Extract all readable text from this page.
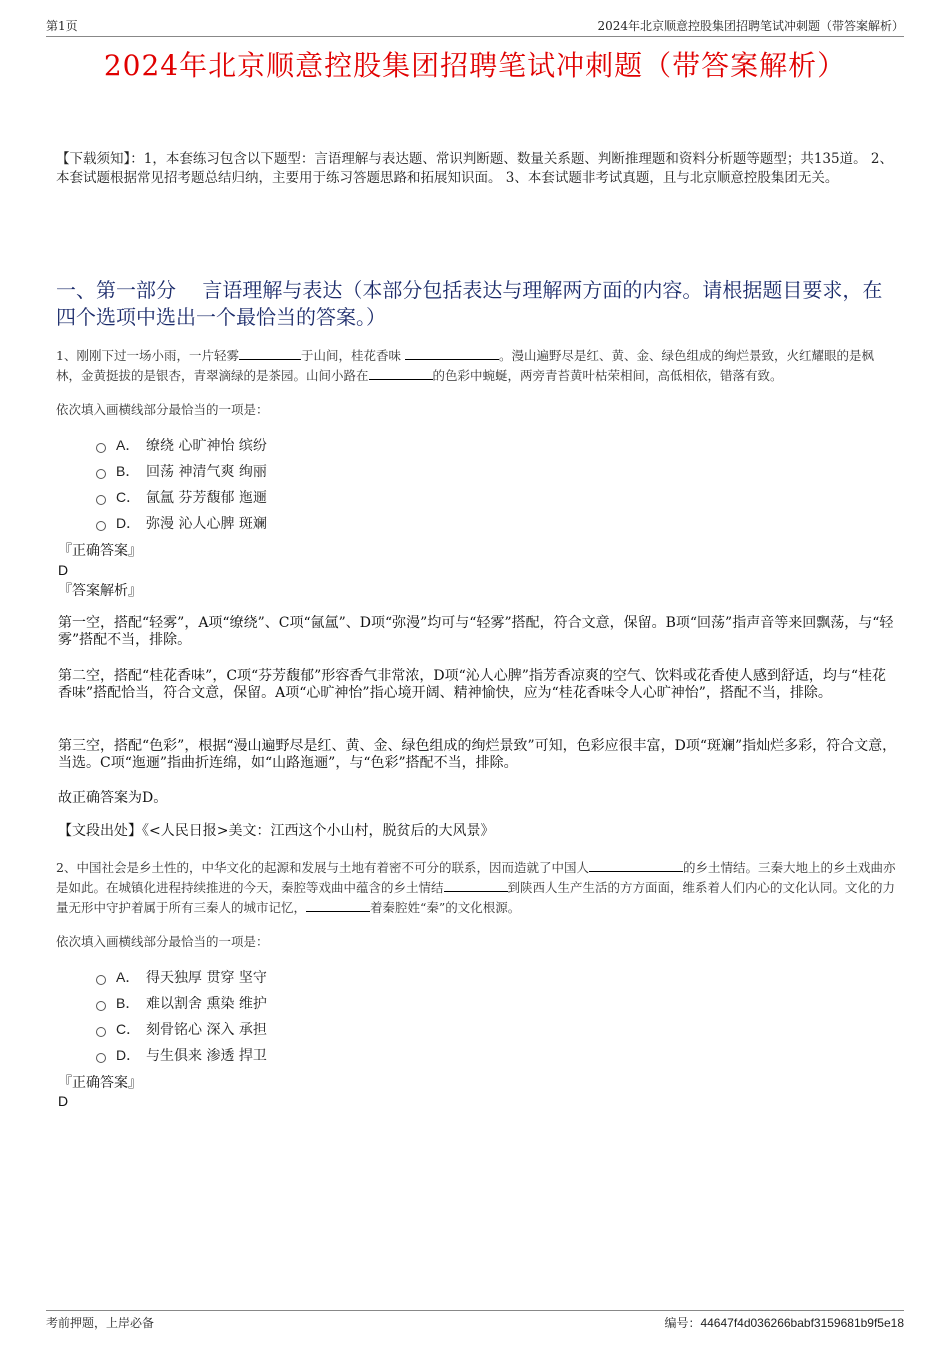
第1页	2024年北京顺意控股集团招聘笔试冲刺题（带答案解析）
2024年北京顺意控股集团招聘笔试冲刺题（带答案解析）
【下载须知】：1，本套练习包含以下题型：言语理解与表达题、常识判断题、数量关系题、判断推理题和资料分析题等题型；共135道。 2、本套试题根据常见招考题总结归纳，主要用于练习答题思路和拓展知识面。 3、本套试题非考试真题，且与北京顺意控股集团无关。
一、第一部分　 言语理解与表达（本部分包括表达与理解两方面的内容。请根据题目要求，在四个选项中选出一个最恰当的答案。）
1、刚刚下过一场小雨，一片轻雾	于山间，桂花香味	。漫山遍野尽是红、黄、金、绿色组成的绚烂景致，火红耀眼的是枫林，金黄挺拔的是银杏，青翠滴绿的是茶园。山间小路在	的色彩中蜿蜒，两旁青苔黄叶枯荣相间，高低相依，错落有致。
依次填入画横线部分最恰当的一项是：
A． 缭绕 心旷神怡 缤纷
B． 回荡 神清气爽 绚丽
C． 氤氲 芬芳馥郁 迤逦
D． 弥漫 沁人心脾 斑斓
『正确答案』
D
『答案解析』
第一空，搭配“轻雾”，A项“缭绕”、C项“氤氲”、D项“弥漫”均可与“轻雾”搭配，符合文意，保留。B项“回荡”指声音等来回飘荡，与“轻雾”搭配不当，排除。
第二空，搭配“桂花香味”，C项“芬芳馥郁”形容香气非常浓，D项“沁人心脾”指芳香凉爽的空气、饮料或花香使人感到舒适，均与“桂花香味”搭配恰当，符合文意，保留。A项“心旷神怡”指心境开阔、精神愉快，应为“桂花香味令人心旷神怡”，搭配不当，排除。
第三空，搭配“色彩”，根据“漫山遍野尽是红、黄、金、绿色组成的绚烂景致”可知，色彩应很丰富，D项“斑斓”指灿烂多彩，符合文意，当选。C项“迤逦”指曲折连绵，如“山路迤逦”，与“色彩”搭配不当，排除。
故正确答案为D。
【文段出处】《<人民日报>美文：江西这个小山村，脱贫后的大风景》
2、中国社会是乡土性的，中华文化的起源和发展与土地有着密不可分的联系，因而造就了中国人	的乡土情结。三秦大地上的乡土戏曲亦是如此。在城镇化进程持续推进的今天，秦腔等戏曲中蕴含的乡土情结	到陕西人生产生活的方方面面，维系着人们内心的文化认同。文化的力量无形中守护着属于所有三秦人的城市记忆，	着秦腔姓“秦”的文化根源。
依次填入画横线部分最恰当的一项是：
A． 得天独厚 贯穿 坚守
B． 难以割舍 熏染 维护
C． 刻骨铭心 深入 承担
D． 与生俱来 渗透 捍卫
『正确答案』
D
考前押题，上岸必备	编号：44647f4d036266babf3159681b9f5e18
